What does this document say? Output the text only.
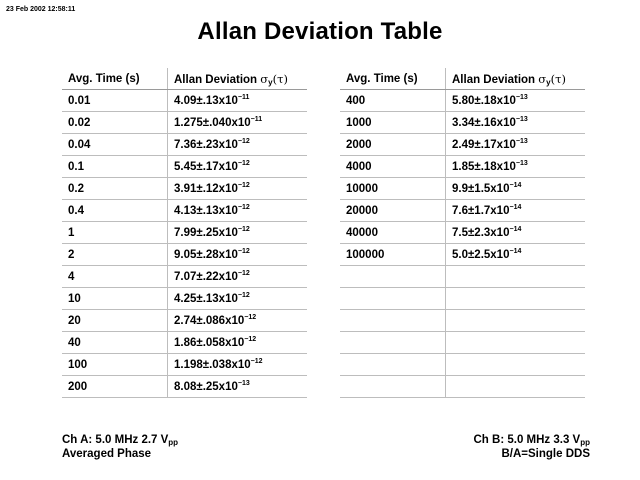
23 Feb 2002 12:58:11
Allan Deviation Table
Avg. Time (s)	Allan Deviation $\sigma_y(\tau)$
0.01	$4.09\pm.13x10^{-11}$
0.02	$1.275\pm.040x10^{-11}$
0.04	$7.36\pm.23x10^{-12}$
0.1	$5.45\pm.17x10^{-12}$
0.2	$3.91\pm.12x10^{-12}$
0.4	$4.13\pm.13x10^{-12}$
1	$7.99\pm.25x10^{-12}$
2	$9.05\pm.28x10^{-12}$
4	$7.07\pm.22x10^{-12}$
10	$4.25\pm.13x10^{-12}$
20	$2.74\pm.086x10^{-12}$
40	$1.86\pm.058x10^{-12}$
100	$1.198\pm.038x10^{-12}$
200	$8.08\pm.25x10^{-13}$
Avg. Time (s)	Allan Deviation $\sigma_y(\tau)$
400	$5.80\pm.18x10^{-13}$
1000	$3.34\pm.16x10^{-13}$
2000	$2.49\pm.17x10^{-13}$
4000	$1.85\pm.18x10^{-13}$
10000	$9.9\pm 1.5x10^{-14}$
20000	$7.6\pm 1.7x10^{-14}$
40000	$7.5\pm 2.3x10^{-14}$
100000	$5.0\pm 2.5x10^{-14}$

Ch A: 5.0 MHz 2.7 $V_{pp}$
Averaged Phase
Ch B: 5.0 MHz 3.3 $V_{pp}$
B/A=Single DDS
